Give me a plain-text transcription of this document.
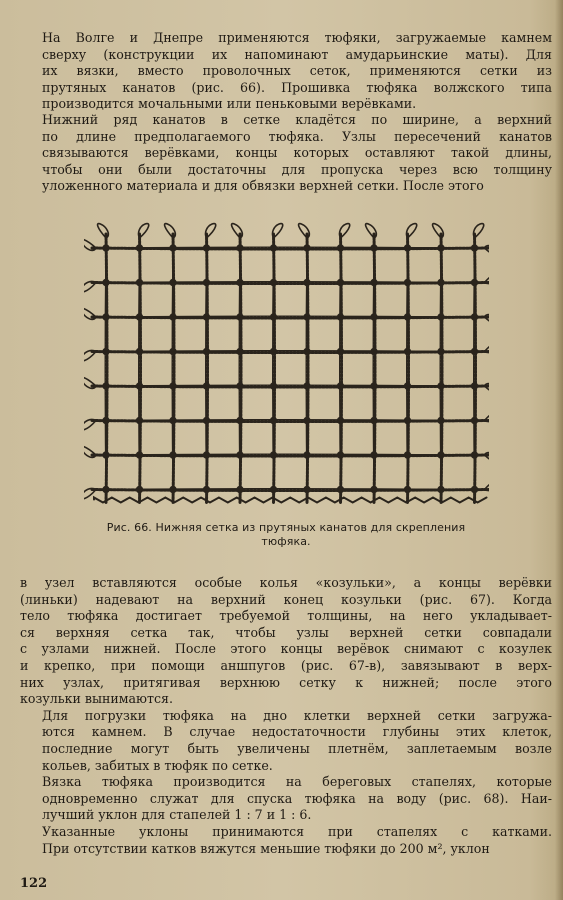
На Волге и Днепре применяются тюфяки, загружаемые камнем
сверху (конструкции их напоминают амударьинские маты). Для
их вязки, вместо проволочных сеток, применяются сетки из
прутяных канатов (рис. 66). Прошивка тюфяка волжского типа
производится мочальными или пеньковыми верёвками.

Нижний ряд канатов в сетке кладётся по ширине, а верхний
по длине предполагаемого тюфяка. Узлы пересечений канатов
связываются верёвками, концы которых оставляют такой длины,
чтобы они были достаточны для пропуска через всю толщину
уложенного материала и для обвязки верхней сетки. После этого

Рис. 66. Нижняя сетка из прутяных канатов для скрепления
тюфяка.

в узел вставляются особые колья «козульки», а концы верёвки
(линьки) надевают на верхний конец козульки (рис. 67). Когда
тело тюфяка достигает требуемой толщины, на него укладывает-
ся верхняя сетка так, чтобы узлы верхней сетки совпадали
с узлами нижней. После этого концы верёвок снимают с козулек
и крепко, при помощи аншпугов (рис. 67-в), завязывают в верх-
них узлах, притягивая верхнюю сетку к нижней; после этого
козульки вынимаются.

Для погрузки тюфяка на дно клетки верхней сетки загружа-
ются камнем. В случае недостаточности глубины этих клеток,
последние могут быть увеличены плетнём, заплетаемым возле
кольев, забитых в тюфяк по сетке.

Вязка тюфяка производится на береговых стапелях, которые
одновременно служат для спуска тюфяка на воду (рис. 68). Наи-
лучший уклон для стапелей 1 : 7 и 1 : 6.

Указанные уклоны принимаются при стапелях с катками.
При отсутствии катков вяжутся меньшие тюфяки до 200 м², уклон

122
